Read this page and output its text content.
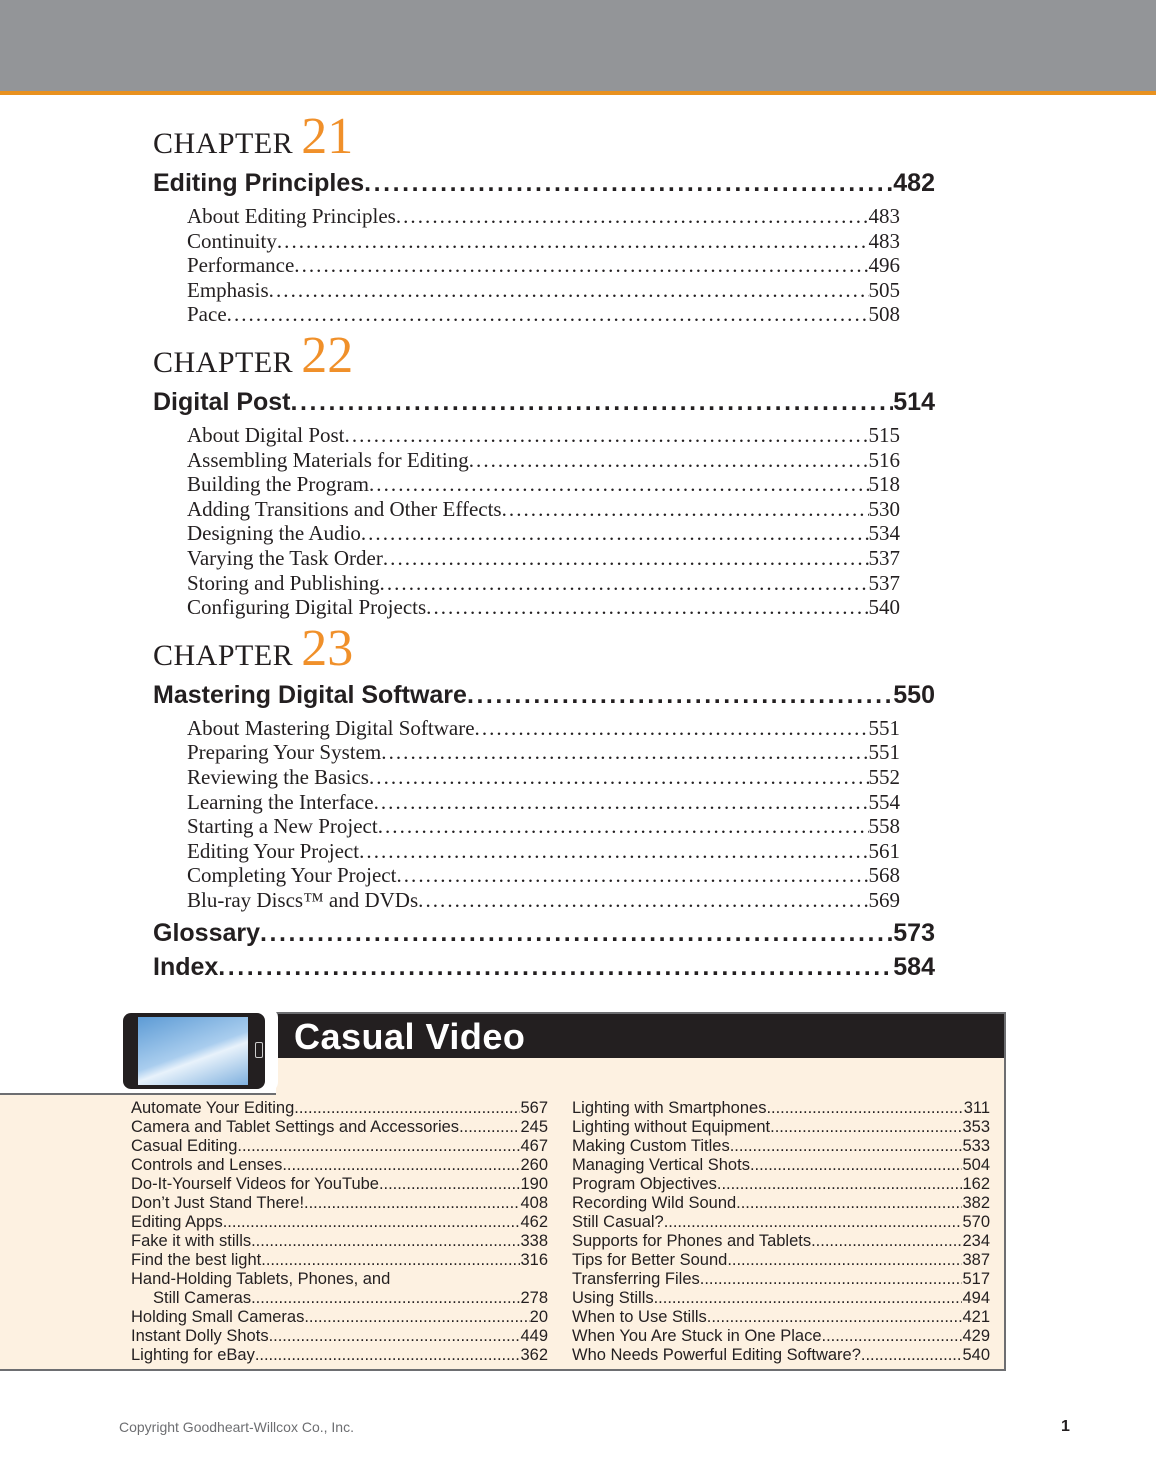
CHAPTER 21
Editing Principles . . .	482
About Editing Principles . . .	483
Continuity . . .	483
Performance . . .	496
Emphasis . . .	505
Pace . . .	508
CHAPTER 22
Digital Post . . .	514
About Digital Post . . .	515
Assembling Materials for Editing . . .	516
Building the Program . . .	518
Adding Transitions and Other Effects . . .	530
Designing the Audio . . .	534
Varying the Task Order . . .	537
Storing and Publishing . . .	537
Configuring Digital Projects . . .	540
CHAPTER 23
Mastering Digital Software . . .	550
About Mastering Digital Software . . .	551
Preparing Your System . . .	551
Reviewing the Basics . . .	552
Learning the Interface . . .	554
Starting a New Project . . .	558
Editing Your Project . . .	561
Completing Your Project . . .	568
Blu-ray Discs™ and DVDs . . .	569
Glossary . . .	573
Index . . .	584
Casual Video
Automate Your Editing . . .	567
Camera and Tablet Settings and Accessories . . .	245
Casual Editing . . .	467
Controls and Lenses . . .	260
Do-It-Yourself Videos for YouTube . . .	190
Don’t Just Stand There! . . .	408
Editing Apps . . .	462
Fake it with stills . . .	338
Find the best light . . .	316
Hand-Holding Tablets, Phones, and
Still Cameras . . .	278
Holding Small Cameras . . .	20
Instant Dolly Shots . . .	449
Lighting for eBay . . .	362
Lighting with Smartphones . . .	311
Lighting without Equipment . . .	353
Making Custom Titles . . .	533
Managing Vertical Shots . . .	504
Program Objectives . . .	162
Recording Wild Sound . . .	382
Still Casual? . . .	570
Supports for Phones and Tablets . . .	234
Tips for Better Sound . . .	387
Transferring Files . . .	517
Using Stills . . .	494
When to Use Stills . . .	421
When You Are Stuck in One Place . . .	429
Who Needs Powerful Editing Software? . . .	540
Copyright Goodheart-Willcox Co., Inc.	1
